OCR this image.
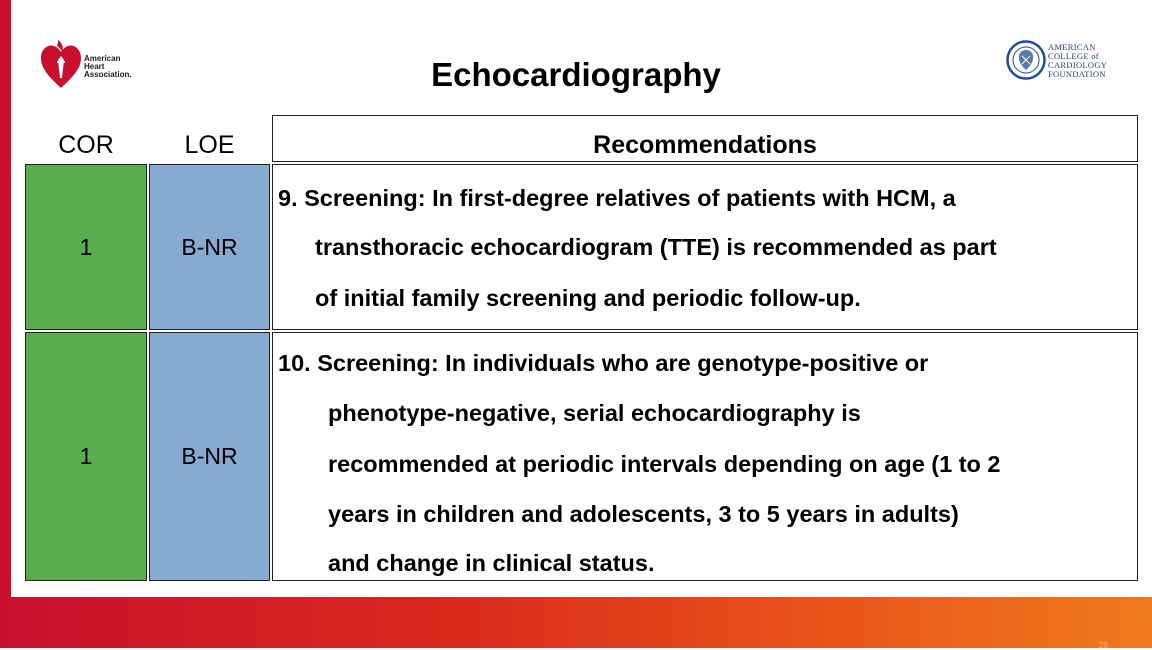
29
American
Heart
Association.	Echocardiography
AMERICAN
COLLEGE of
CARDIOLOGY
FOUNDATION
COR	LOE	Recommendations
1	B-NR
9. Screening: In first-degree relatives of patients with HCM, a
transthoracic echocardiogram (TTE) is recommended as part
of initial family screening and periodic follow-up.
1	B-NR
10. Screening: In individuals who are genotype-positive or
phenotype-negative, serial echocardiography is
recommended at periodic intervals depending on age (1 to 2
years in children and adolescents, 3 to 5 years in adults)
and change in clinical status.
